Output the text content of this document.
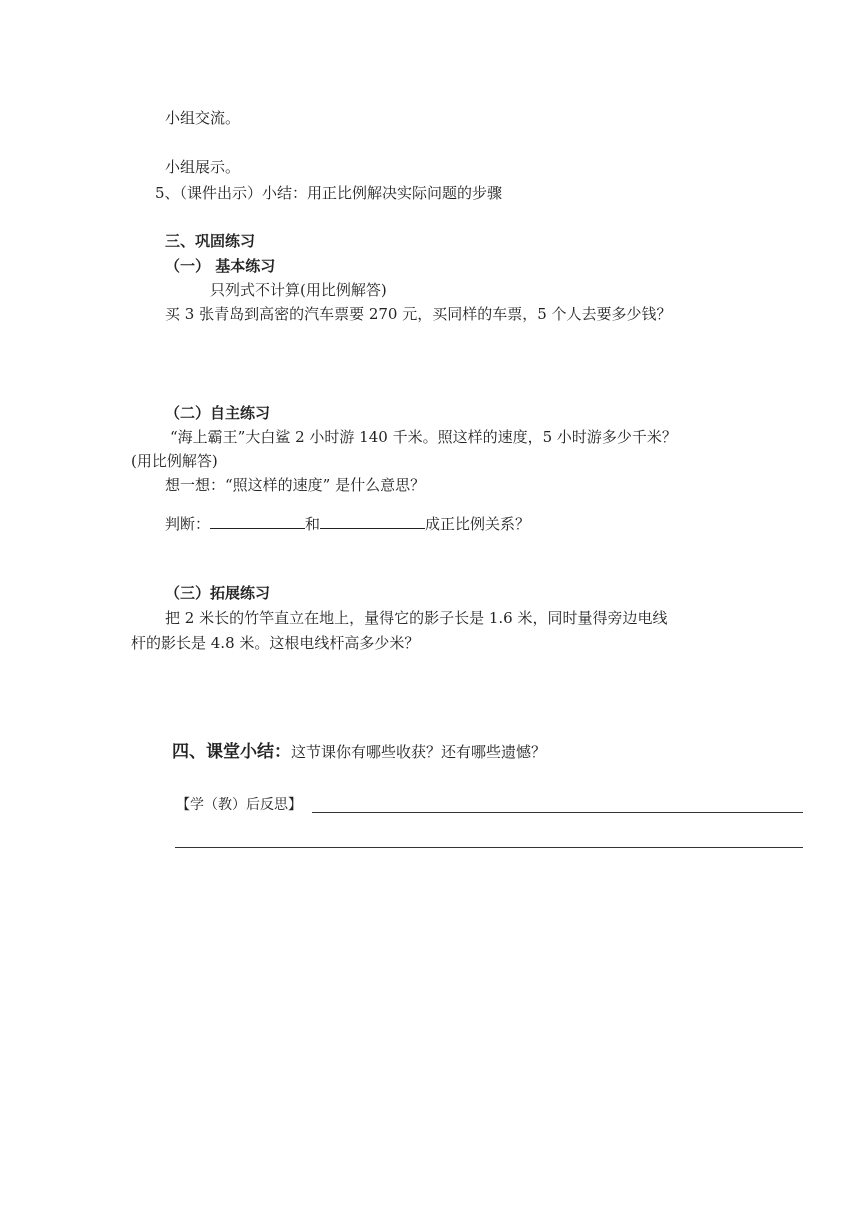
小组交流。
小组展示。
5、（课件出示）小结：用正比例解决实际问题的步骤
三、巩固练习
（一） 基本练习
只列式不计算(用比例解答)
买 3 张青岛到高密的汽车票要 270 元，买同样的车票，5 个人去要多少钱？
（二）自主练习
“海上霸王”大白鲨 2 小时游 140 千米。照这样的速度，5 小时游多少千米？
(用比例解答)
想一想：“照这样的速度” 是什么意思？
判断：	和	成正比例关系？
（三）拓展练习
把 2 米长的竹竿直立在地上，量得它的影子长是 1.6 米，同时量得旁边电线
杆的影长是 4.8 米。这根电线杆高多少米？
四、课堂小结：这节课你有哪些收获？还有哪些遗憾？
【学（教）后反思】
